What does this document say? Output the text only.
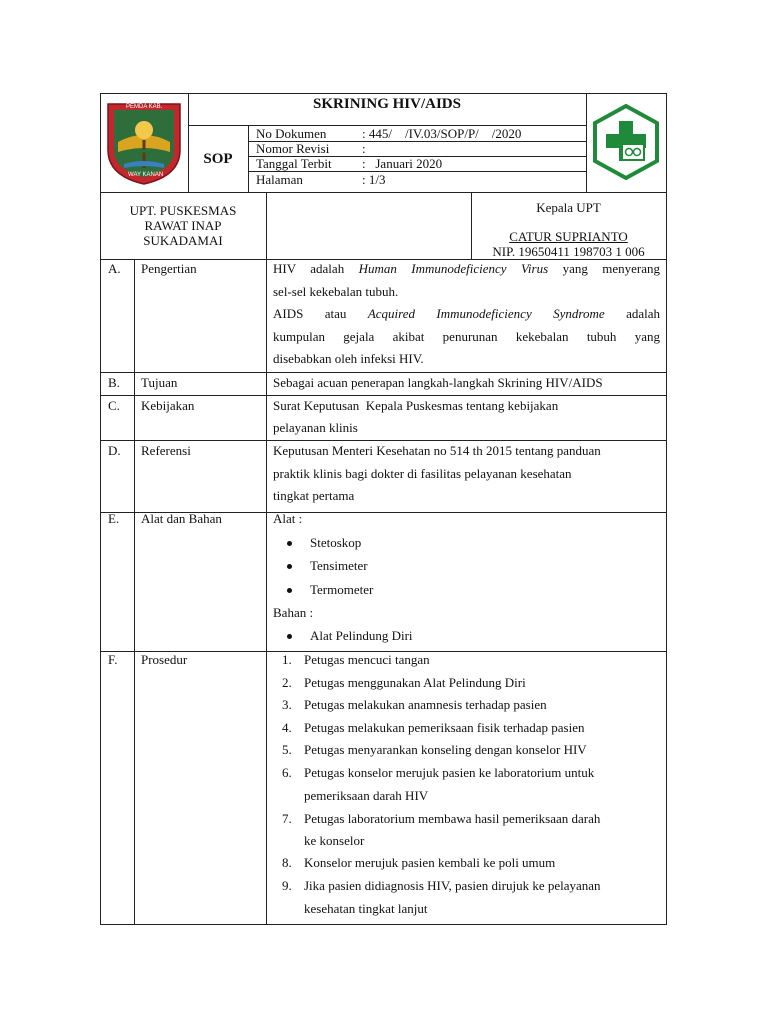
PEMDA KAB.
WAY KANAN
SKRINING HIV/AIDS
SOP
No Dokumen	: 445/    /IV.03/SOP/P/    /2020
Nomor Revisi	:
Tanggal Terbit :   Januari 2020
Halaman	: 1/3
UPT. PUSKESMAS
RAWAT INAP
SUKADAMAI
Kepala UPT
CATUR SUPRIANTO
NIP. 19650411 198703 1 006
A. Pengertian	HIV adalah Human Immunodeficiency Virus yang menyerang
sel-sel kekebalan tubuh.
AIDS atau Acquired Immunodeficiency Syndrome adalah
kumpulan gejala akibat penurunan kekebalan tubuh yang
disebabkan oleh infeksi HIV.
B. Tujuan	Sebagai acuan penerapan langkah-langkah Skrining HIV/AIDS
C. Kebijakan	Surat Keputusan  Kepala Puskesmas tentang kebijakan
pelayanan klinis
D. Referensi	Keputusan Menteri Kesehatan no 514 th 2015 tentang panduan
praktik klinis bagi dokter di fasilitas pelayanan kesehatan
tingkat pertama
E. Alat dan Bahan	Alat :
Stetoskop
Tensimeter
Termometer
Bahan :
Alat Pelindung Diri
F. Prosedur	1. Petugas mencuci tangan
2. Petugas menggunakan Alat Pelindung Diri
3. Petugas melakukan anamnesis terhadap pasien
4. Petugas melakukan pemeriksaan fisik terhadap pasien
5. Petugas menyarankan konseling dengan konselor HIV
6. Petugas konselor merujuk pasien ke laboratorium untuk
pemeriksaan darah HIV
7. Petugas laboratorium membawa hasil pemeriksaan darah
ke konselor
8. Konselor merujuk pasien kembali ke poli umum
9. Jika pasien didiagnosis HIV, pasien dirujuk ke pelayanan
kesehatan tingkat lanjut
